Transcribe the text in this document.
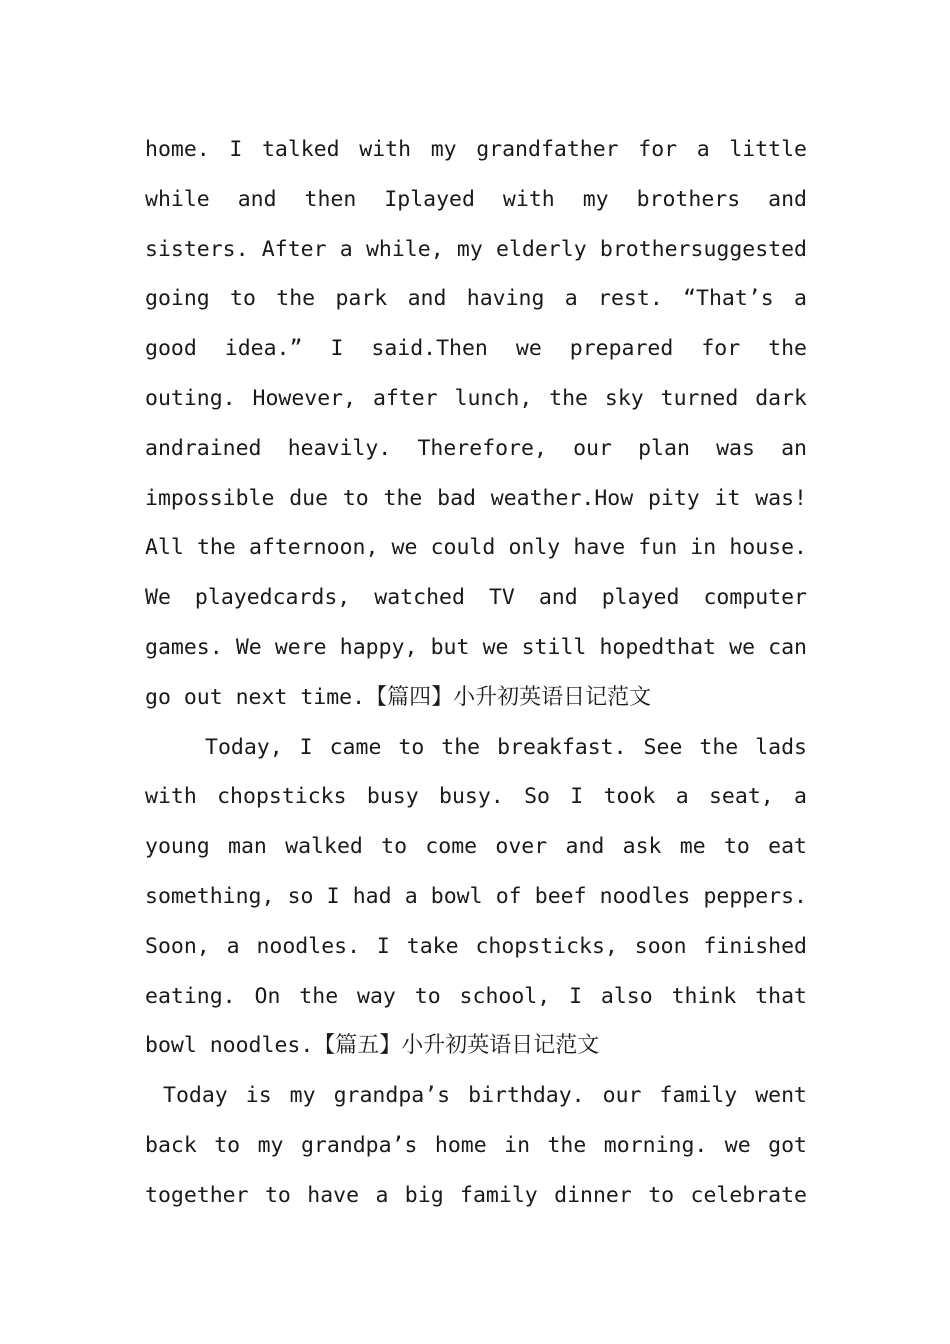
home. I talked with my grandfather for a little
while and then Iplayed with my brothers and
sisters. After a while, my elderly brothersuggested
going to the park and having a rest. “That’s a
good idea.” I said.Then we prepared for the
outing. However, after lunch, the sky turned dark
andrained heavily. Therefore, our plan was an
impossible due to the bad weather.How pity it was!
All the afternoon, we could only have fun in house.
We playedcards, watched TV and played computer
games. We were happy, but we still hopedthat we can
go out next time.【篇四】小升初英语日记范文
Today, I came to the breakfast. See the lads
with chopsticks busy busy. So I took a seat, a
young man walked to come over and ask me to eat
something, so I had a bowl of beef noodles peppers.
Soon, a noodles. I take chopsticks, soon finished
eating. On the way to school, I also think that
bowl noodles.【篇五】小升初英语日记范文
Today is my grandpa’s birthday. our family went
back to my grandpa’s home in the morning. we got
together to have a big family dinner to celebrate
